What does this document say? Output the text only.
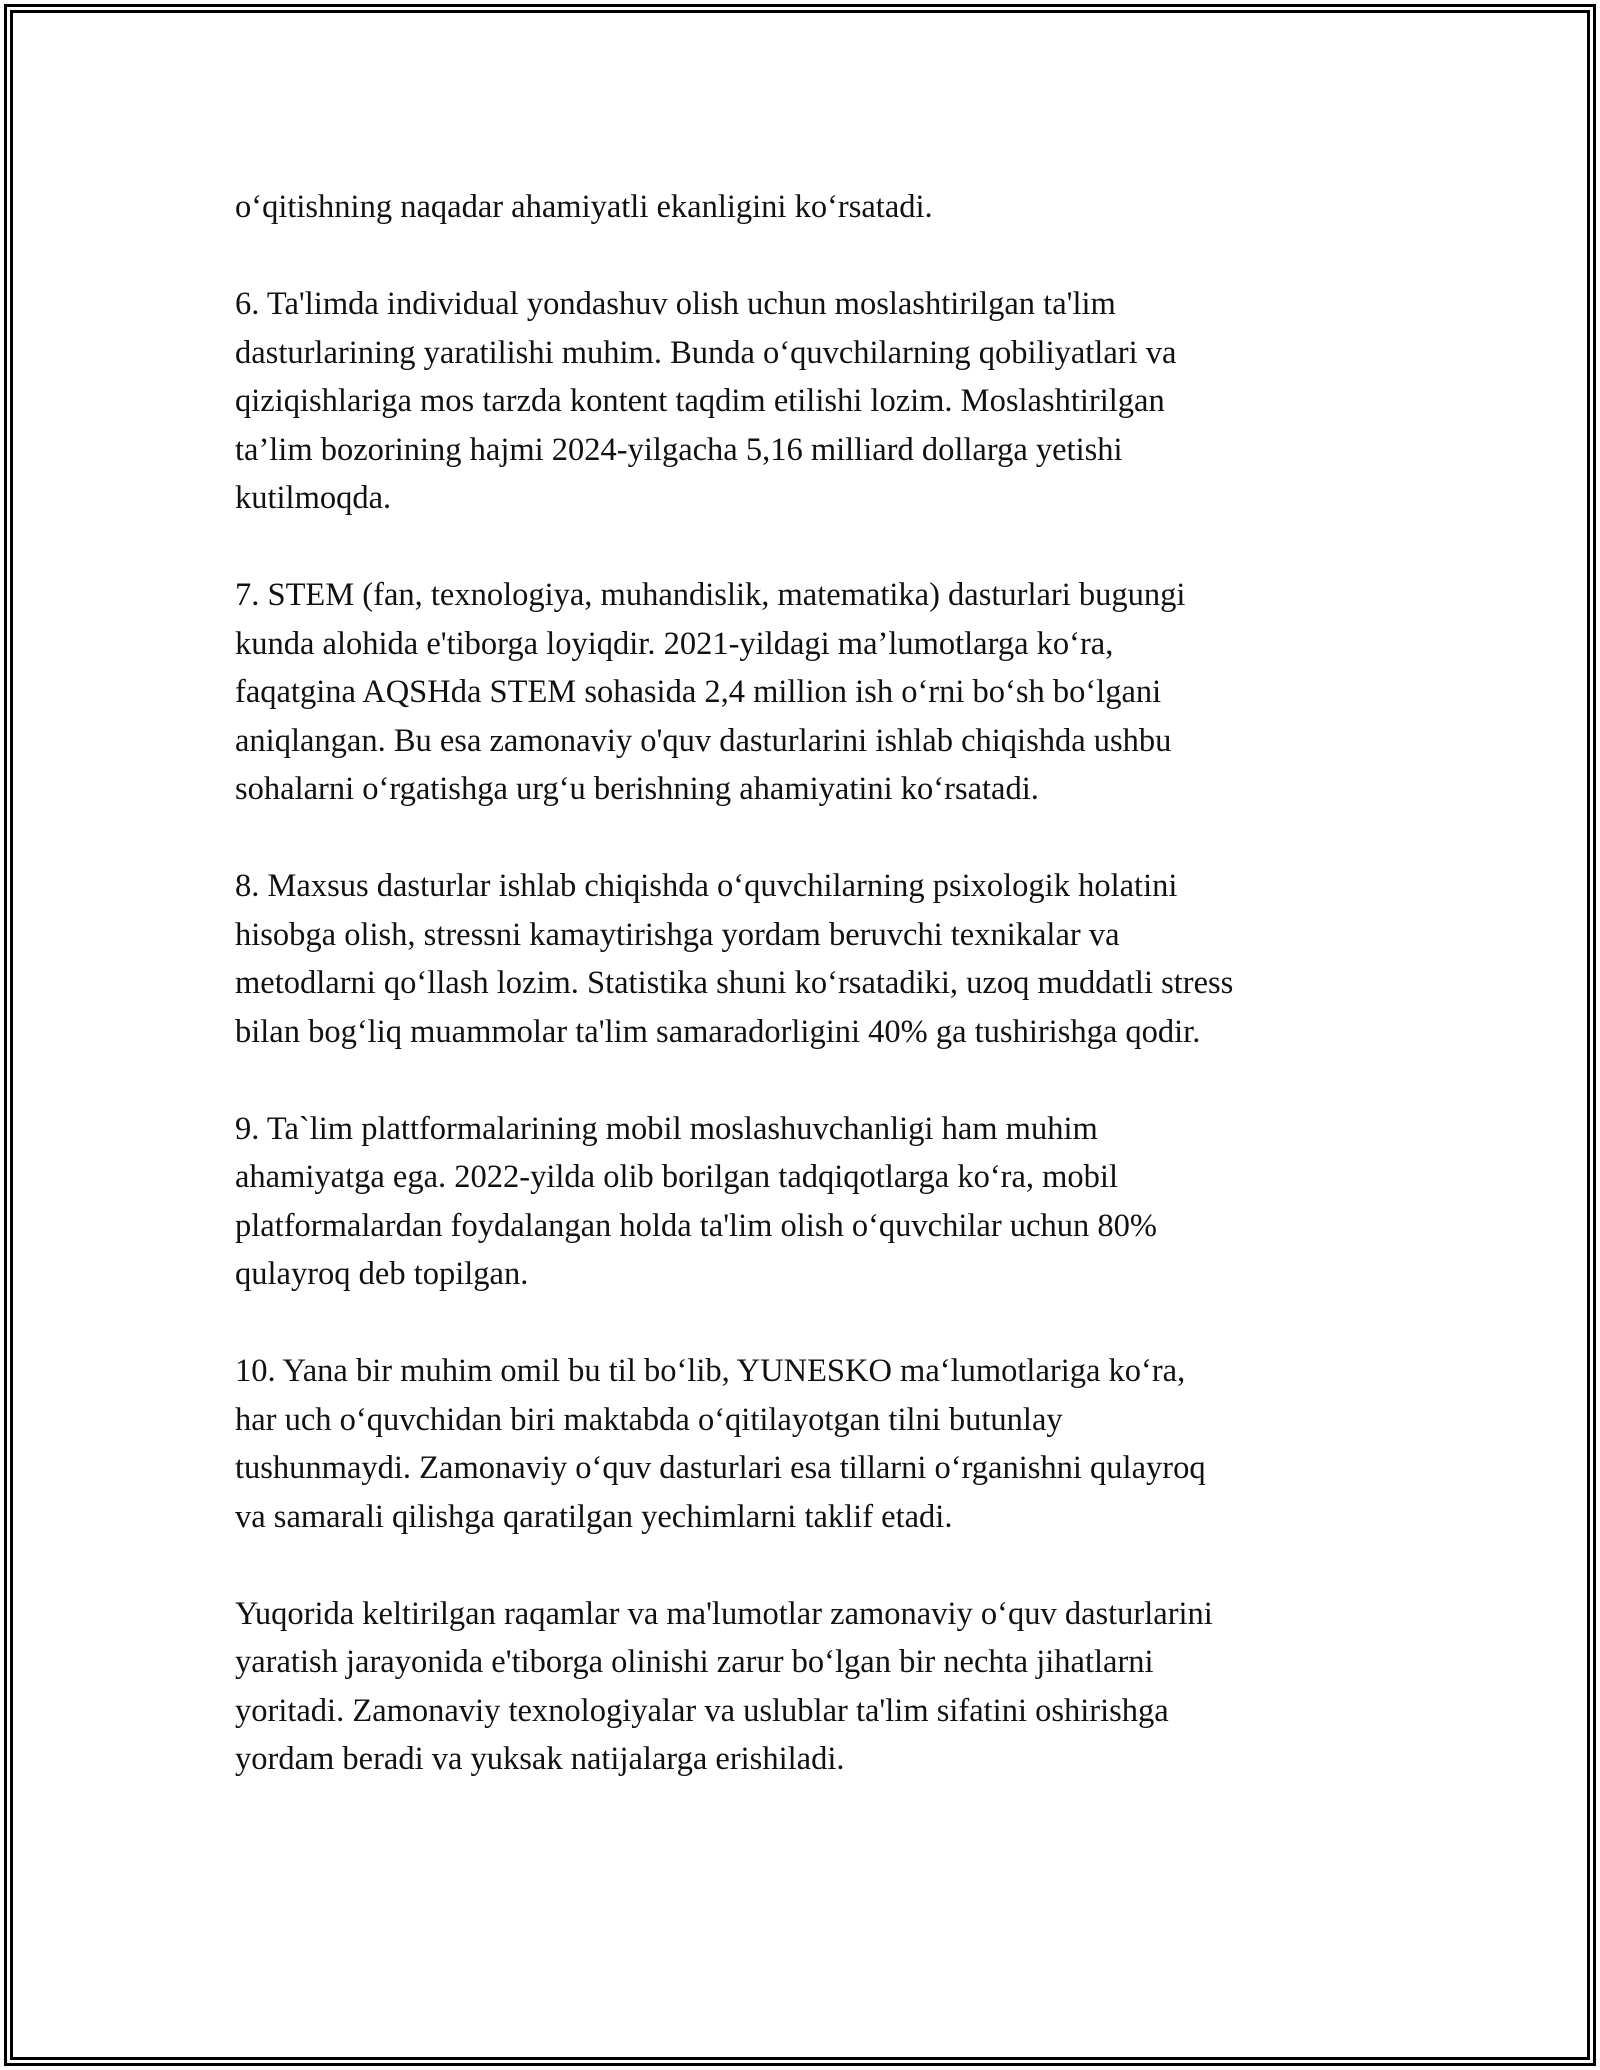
oʻqitishning naqadar ahamiyatli ekanligini koʻrsatadi.

6. Ta'limda individual yondashuv olish uchun moslashtirilgan ta'lim
dasturlarining yaratilishi muhim. Bunda oʻquvchilarning qobiliyatlari va
qiziqishlariga mos tarzda kontent taqdim etilishi lozim. Moslashtirilgan
ta’lim bozorining hajmi 2024-yilgacha 5,16 milliard dollarga yetishi
kutilmoqda.

7. STEM (fan, texnologiya, muhandislik, matematika) dasturlari bugungi
kunda alohida e'tiborga loyiqdir. 2021-yildagi ma’lumotlarga koʻra,
faqatgina AQSHda STEM sohasida 2,4 million ish oʻrni boʻsh boʻlgani
aniqlangan. Bu esa zamonaviy o'quv dasturlarini ishlab chiqishda ushbu
sohalarni oʻrgatishga urgʻu berishning ahamiyatini koʻrsatadi.

8. Maxsus dasturlar ishlab chiqishda oʻquvchilarning psixologik holatini
hisobga olish, stressni kamaytirishga yordam beruvchi texnikalar va
metodlarni qoʻllash lozim. Statistika shuni koʻrsatadiki, uzoq muddatli stress
bilan bogʻliq muammolar ta'lim samaradorligini 40% ga tushirishga qodir.

9. Ta`lim plattformalarining mobil moslashuvchanligi ham muhim
ahamiyatga ega. 2022-yilda olib borilgan tadqiqotlarga koʻra, mobil
platformalardan foydalangan holda ta'lim olish oʻquvchilar uchun 80%
qulayroq deb topilgan.

10. Yana bir muhim omil bu til boʻlib, YUNESKO maʻlumotlariga koʻra,
har uch oʻquvchidan biri maktabda oʻqitilayotgan tilni butunlay
tushunmaydi. Zamonaviy oʻquv dasturlari esa tillarni oʻrganishni qulayroq
va samarali qilishga qaratilgan yechimlarni taklif etadi.

Yuqorida keltirilgan raqamlar va ma'lumotlar zamonaviy oʻquv dasturlarini
yaratish jarayonida e'tiborga olinishi zarur boʻlgan bir nechta jihatlarni
yoritadi. Zamonaviy texnologiyalar va uslublar ta'lim sifatini oshirishga
yordam beradi va yuksak natijalarga erishiladi.
